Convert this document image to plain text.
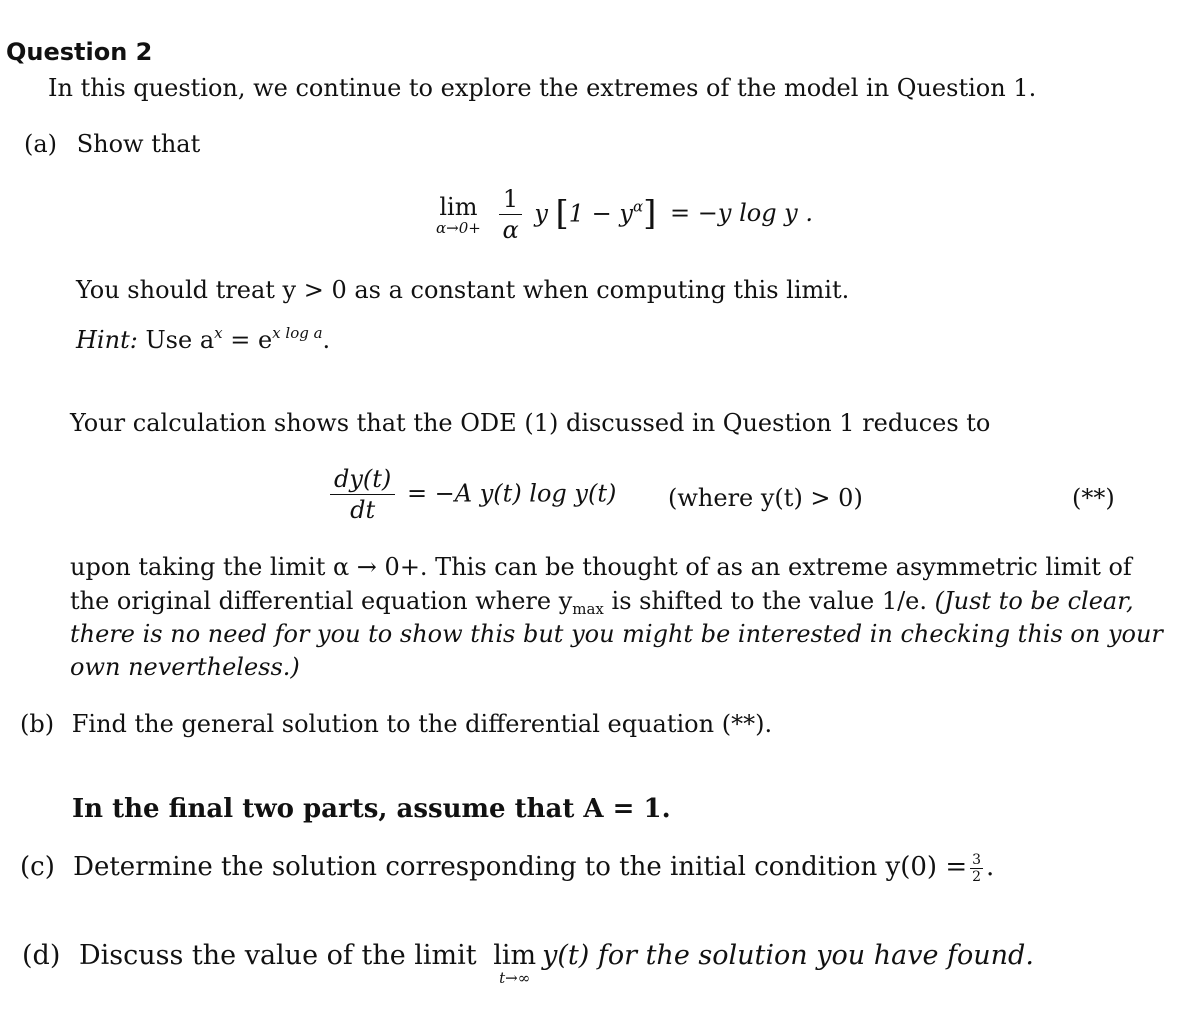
Question 2
In this question, we continue to explore the extremes of the model in Question 1.
(a) Show that
lim
α→0+
$\frac{1}{\alpha}$ y $[1 - y^\alpha] = -y$ log y .
You should treat y > 0 as a constant when computing this limit.
Hint: Use $a^x = e^{x log a}$.
Your calculation shows that the ODE (1) discussed in Question 1 reduces to
$\frac{dy(t)}{dt} = -A$ y(t) log y(t) (where y(t) > 0)	(**)
upon taking the limit α → 0+. This can be thought of as an extreme asymmetric limit of
the original differential equation where $y_{max}$ is shifted to the value 1/e. (Just to be clear,
there is no need for you to show this but you might be interested in checking this on your
own nevertheless.)
(b) Find the general solution to the differential equation (**).
In the final two parts, assume that A = 1.
(c) Determine the solution corresponding to the initial condition $y(0) = \frac{3}{2}$ .
(d) Discuss the value of the limit lim
t→∞
y(t) for the solution you have found.
